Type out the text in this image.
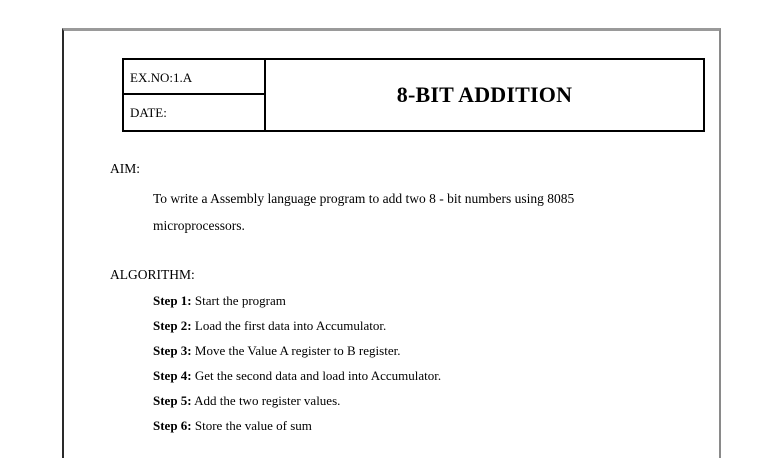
EX.NO:1.A
DATE:
8-BIT ADDITION
AIM:
To write a Assembly language program to add two 8 - bit numbers using 8085
microprocessors.
ALGORITHM:
Step 1: Start the program
Step 2: Load the first data into Accumulator.
Step 3: Move the Value A register to B register.
Step 4: Get the second data and load into Accumulator.
Step 5: Add the two register values.
Step 6: Store the value of sum
